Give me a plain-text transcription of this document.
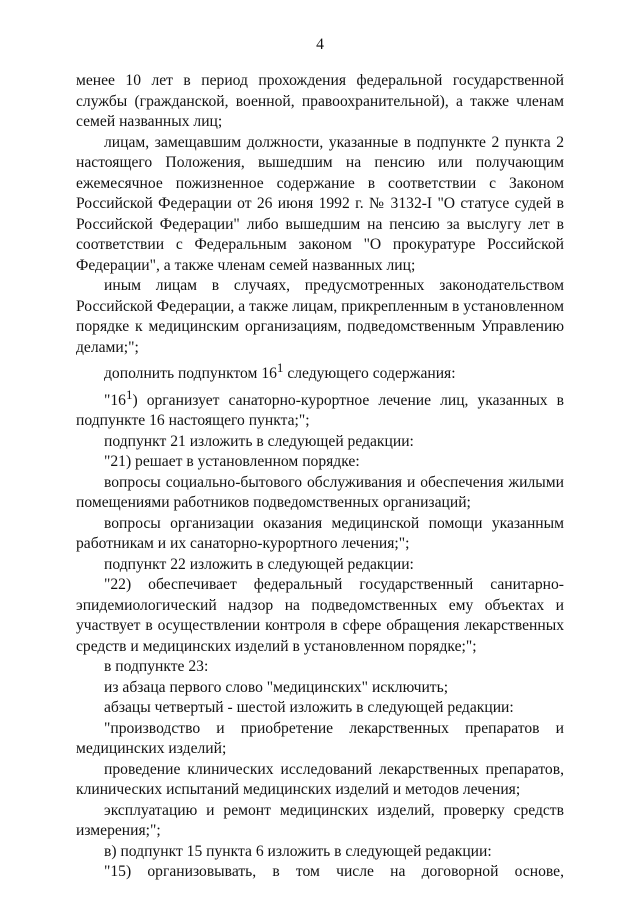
4

менее 10 лет в период прохождения федеральной государственной службы (гражданской, военной, правоохранительной), а также членам семей названных лиц;

лицам, замещавшим должности, указанные в подпункте 2 пункта 2 настоящего Положения, вышедшим на пенсию или получающим ежемесячное пожизненное содержание в соответствии с Законом Российской Федерации от 26 июня 1992 г. № 3132-I "О статусе судей в Российской Федерации" либо вышедшим на пенсию за выслугу лет в соответствии с Федеральным законом "О прокуратуре Российской Федерации", а также членам семей названных лиц;

иным лицам в случаях, предусмотренных законодательством Российской Федерации, а также лицам, прикрепленным в установленном порядке к медицинским организациям, подведомственным Управлению делами;";

дополнить подпунктом $16^1$ следующего содержания:

"$16^1$) организует санаторно-курортное лечение лиц, указанных в подпункте 16 настоящего пункта;";

подпункт 21 изложить в следующей редакции:

"21) решает в установленном порядке:

вопросы социально-бытового обслуживания и обеспечения жилыми помещениями работников подведомственных организаций;

вопросы организации оказания медицинской помощи указанным работникам и их санаторно-курортного лечения;";

подпункт 22 изложить в следующей редакции:

"22) обеспечивает федеральный государственный санитарно-эпидемиологический надзор на подведомственных ему объектах и участвует в осуществлении контроля в сфере обращения лекарственных средств и медицинских изделий в установленном порядке;";

в подпункте 23:

из абзаца первого слово "медицинских" исключить;

абзацы четвертый - шестой изложить в следующей редакции:

"производство и приобретение лекарственных препаратов и медицинских изделий;

проведение клинических исследований лекарственных препаратов, клинических испытаний медицинских изделий и методов лечения;

эксплуатацию и ремонт медицинских изделий, проверку средств измерения;";

в) подпункт 15 пункта 6 изложить в следующей редакции:

"15) организовывать, в том числе на договорной основе,
